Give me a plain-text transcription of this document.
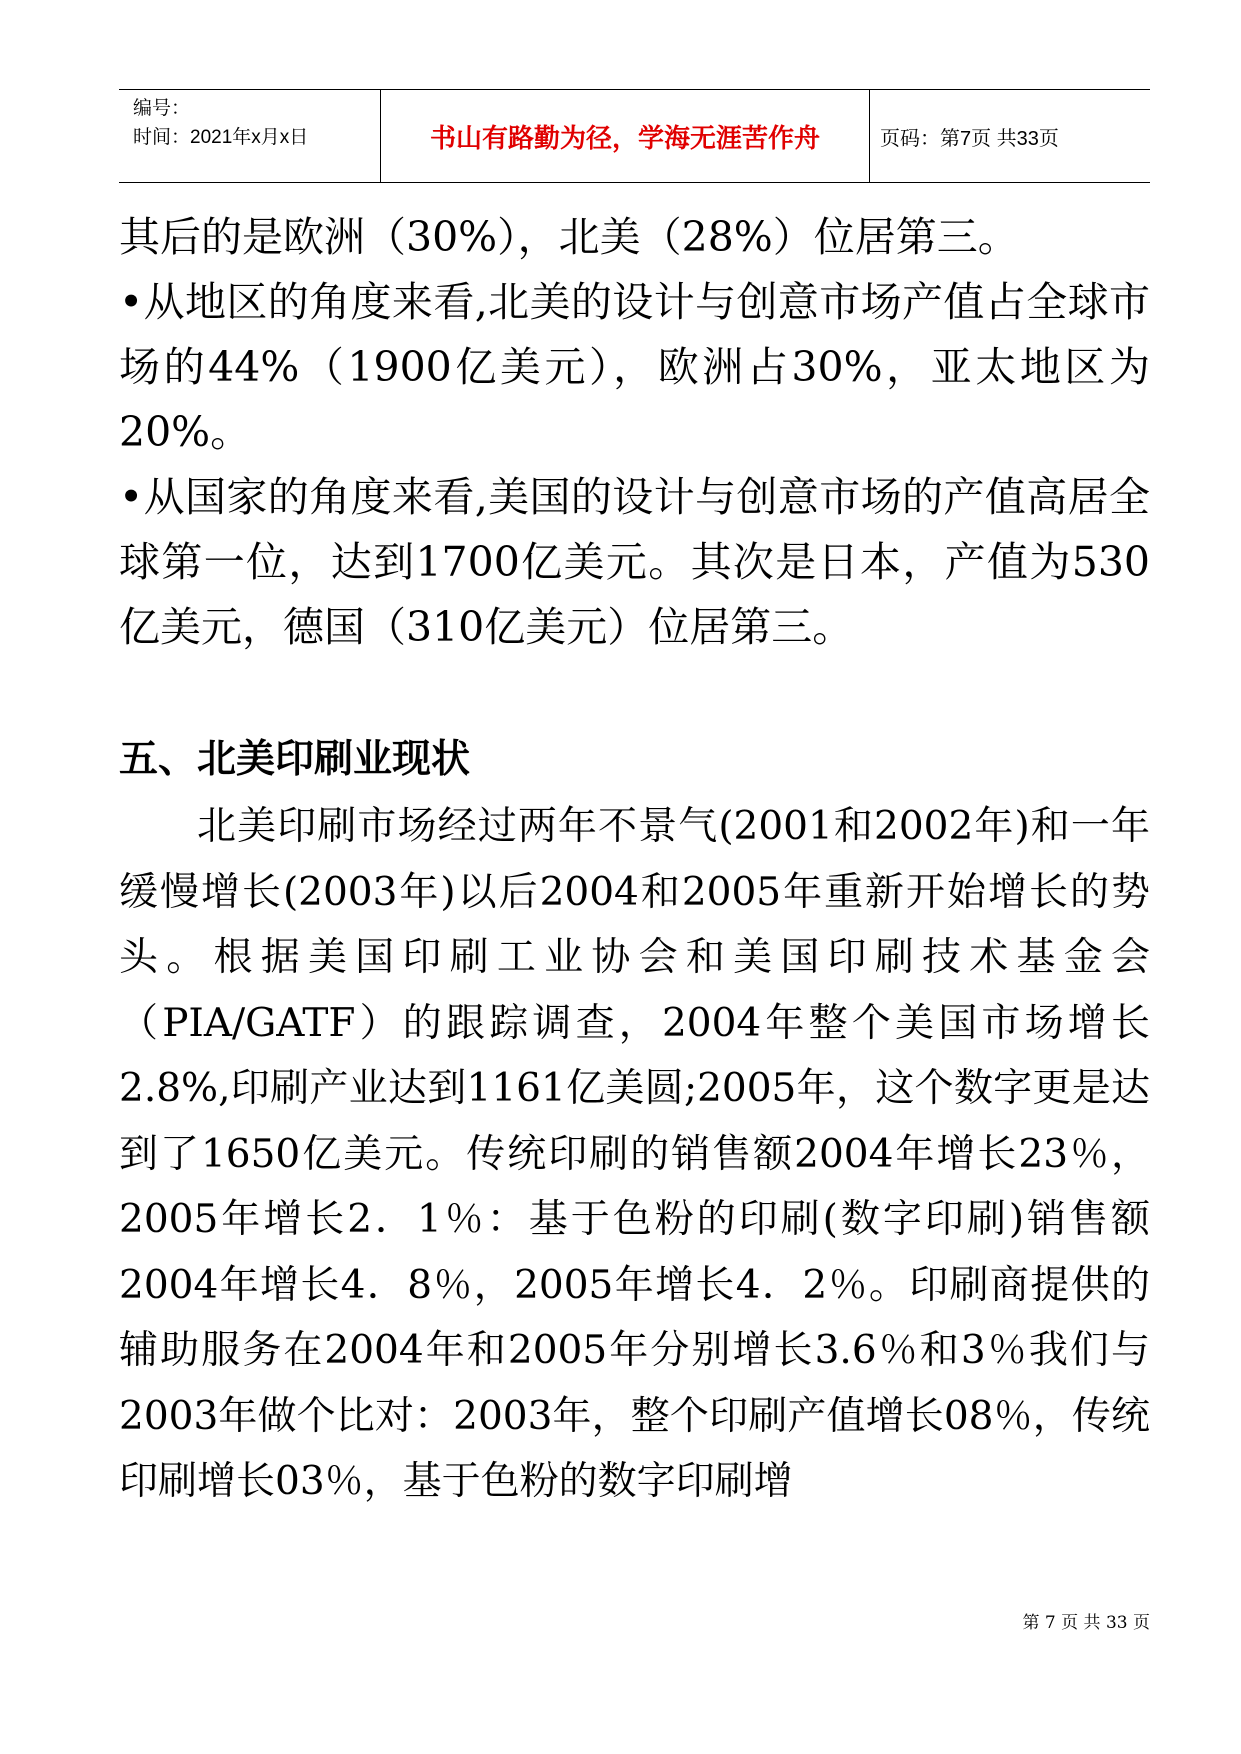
编号：
时间：2021年x月x日	书山有路勤为径，学海无涯苦作舟	页码：第7页 共33页

其后的是欧洲（30%），北美（28%）位居第三。

•从地区的角度来看,北美的设计与创意市场产值占全球市场的44%（1900亿美元），欧洲占30%，亚太地区为20%。

•从国家的角度来看,美国的设计与创意市场的产值高居全球第一位，达到1700亿美元。其次是日本，产值为530亿美元，德国（310亿美元）位居第三。

五、北美印刷业现状
北美印刷市场经过两年不景气(2001和2002年)和一年缓慢增长(2003年)以后2004和2005年重新开始增长的势头。根据美国印刷工业协会和美国印刷技术基金会（PIA/GATF）的跟踪调查，2004年整个美国市场增长2.8%,印刷产业达到1161亿美圆;2005年，这个数字更是达到了1650亿美元。传统印刷的销售额2004年增长23％，2005年增长2．1％：基于色粉的印刷(数字印刷)销售额2004年增长4．8％，2005年增长4．2％。印刷商提供的辅助服务在2004年和2005年分别增长3.6％和3％我们与2003年做个比对：2003年，整个印刷产值增长08％，传统印刷增长03％，基于色粉的数字印刷增
第 7 页 共 33 页
